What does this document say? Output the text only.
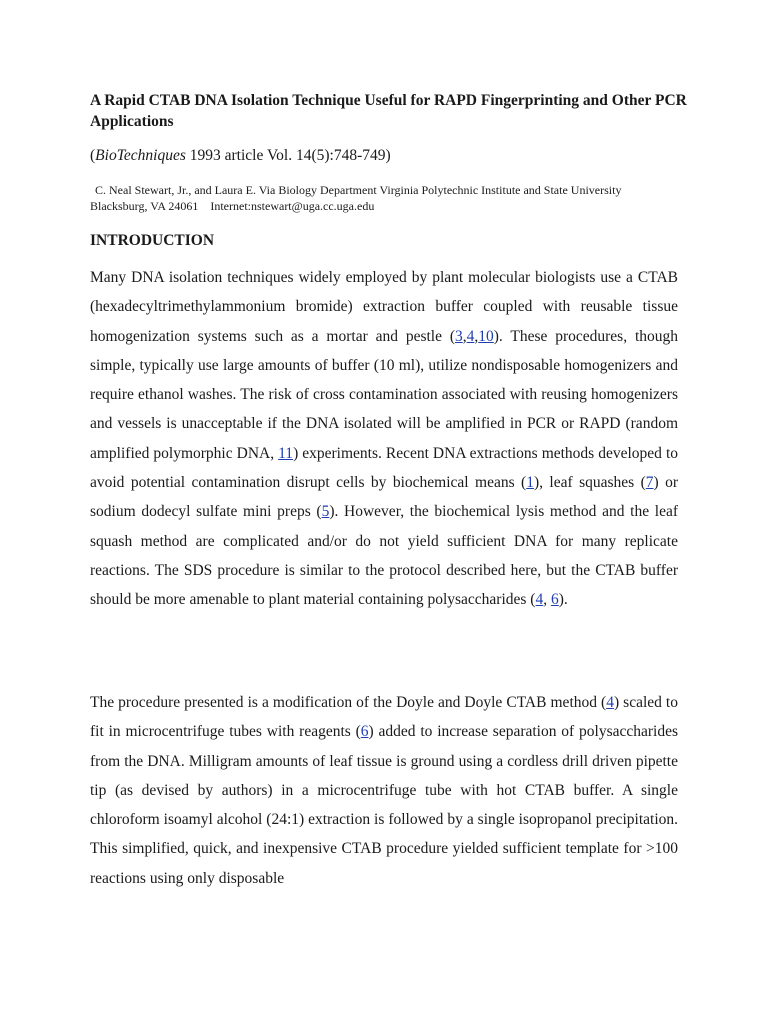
A Rapid CTAB DNA Isolation Technique Useful for RAPD Fingerprinting and Other PCR Applications
(BioTechniques 1993 article Vol. 14(5):748-749)
C. Neal Stewart, Jr., and Laura E. Via Biology Department Virginia Polytechnic Institute and State University
Blacksburg, VA 24061    Internet:nstewart@uga.cc.uga.edu
INTRODUCTION
Many DNA isolation techniques widely employed by plant molecular biologists use a CTAB (hexadecyltrimethylammonium bromide) extraction buffer coupled with reusable tissue homogenization systems such as a mortar and pestle (3,4,10). These procedures, though simple, typically use large amounts of buffer (10 ml), utilize nondisposable homogenizers and require ethanol washes. The risk of cross contamination associated with reusing homogenizers and vessels is unacceptable if the DNA isolated will be amplified in PCR or RAPD (random amplified polymorphic DNA, 11) experiments. Recent DNA extractions methods developed to avoid potential contamination disrupt cells by biochemical means (1), leaf squashes (7) or sodium dodecyl sulfate mini preps (5). However, the biochemical lysis method and the leaf squash method are complicated and/or do not yield sufficient DNA for many replicate reactions. The SDS procedure is similar to the protocol described here, but the CTAB buffer should be more amenable to plant material containing polysaccharides (4, 6).
The procedure presented is a modification of the Doyle and Doyle CTAB method (4) scaled to fit in microcentrifuge tubes with reagents (6) added to increase separation of polysaccharides from the DNA. Milligram amounts of leaf tissue is ground using a cordless drill driven pipette tip (as devised by authors) in a microcentrifuge tube with hot CTAB buffer. A single chloroform isoamyl alcohol (24:1) extraction is followed by a single isopropanol precipitation. This simplified, quick, and inexpensive CTAB procedure yielded sufficient template for >100 reactions using only disposable
